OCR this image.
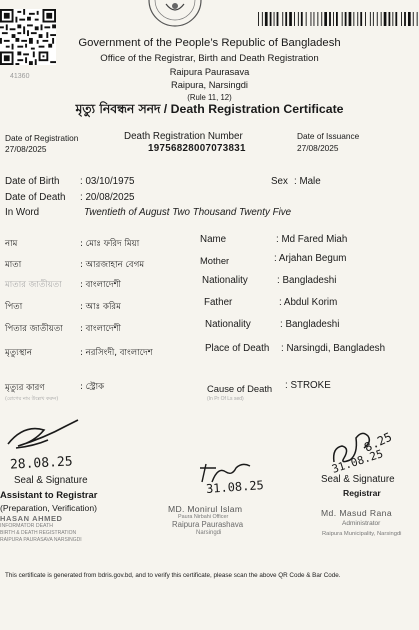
41360
Government of the People’s Republic of Bangladesh
Office of the Registrar, Birth and Death Registration
Raipura Paurasava
Raipura, Narsingdi
(Rule 11, 12)
মৃত্যু নিবন্ধন সনদ / Death Registration Certificate
Date of Registration
27/08/2025
Death Registration Number
19756828007073831
Date of Issuance
27/08/2025
Date of Birth : 03/10/1975	Sex : Male
Date of Death : 20/08/2025
In Word	Twentieth of August Two Thousand Twenty Five
নাম	: মোঃ ফরিদ মিয়া	Name	: Md Fared Miah
মাতা	: আরজাহান বেগম	Mother	: Arjahan Begum
মাতার জাতীয়তা : বাংলাদেশী	Nationality	: Bangladeshi
পিতা	: আঃ করিম	Father	: Abdul Korim
পিতার জাতীয়তা : বাংলাদেশী	Nationality	: Bangladeshi
মৃত্যুস্থান	: নরসিংদী, বাংলাদেশ	Place of Death : Narsingdi, Bangladesh
মৃত্যুর কারণ	: স্ট্রোক	Cause of Death : STROKE
(রোগের নাম উল্লেখ করুন)	(In Pr Of Ls sed)
28.08.25
Seal & Signature
Assistant to Registrar
(Preparation, Verification)
HASAN AHMED
INFORMATOR DEATH
BIRTH & DEATH REGISTRATION
RAIPURA PAURASAVA NARSINGDI
31.08.25
MD. Monirul Islam
Paura Nirbahi Officer
Raipura Paurashava
Narsingdi
8.25
31.08.25
Seal & Signature
Registrar
Md. Masud Rana
Administrator
Raipura Municipality, Narsingdi
This certificate is generated from bdris.gov.bd, and to verify this certificate, please scan the above QR Code & Bar Code.
